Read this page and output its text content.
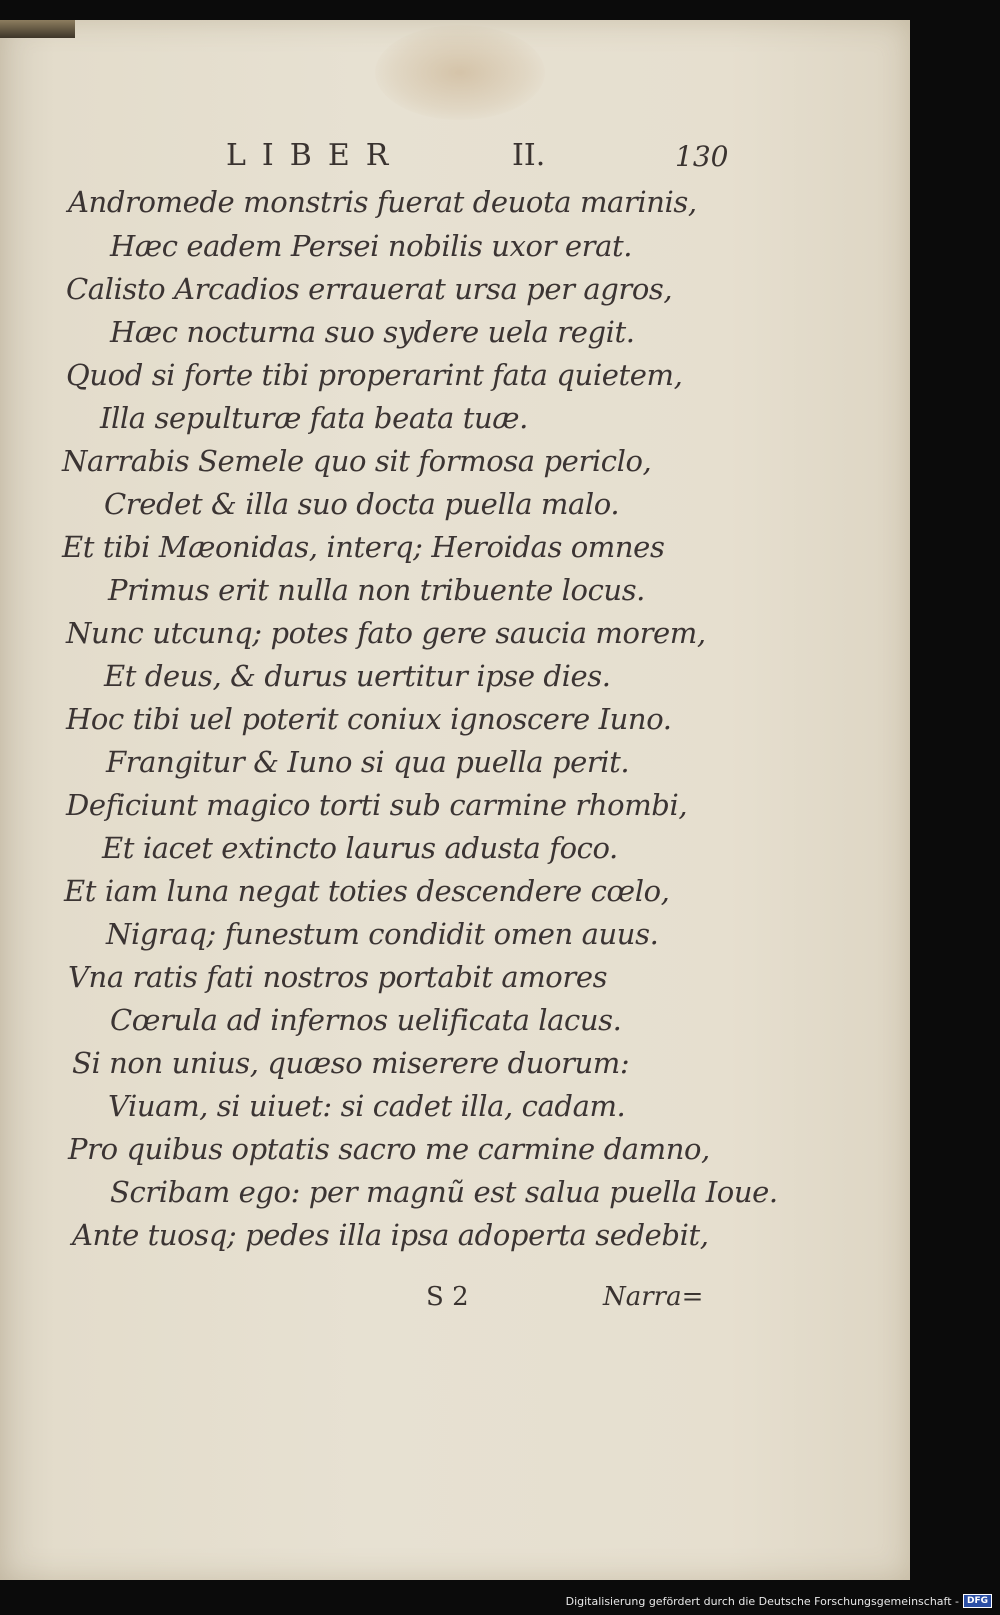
LIBER	II.	130
Andromede monstris fuerat deuota marinis,
Hæc eadem Persei nobilis uxor erat.
Calisto Arcadios errauerat ursa per agros,
Hæc nocturna suo sydere uela regit.
Quod si forte tibi properarint fata quietem,
Illa sepulturæ fata beata tuæ.
Narrabis Semele quo sit formosa periclo,
Credet & illa suo docta puella malo.
Et tibi Mæonidas, interq; Heroidas omnes
Primus erit nulla non tribuente locus.
Nunc utcunq; potes fato gere saucia morem,
Et deus, & durus uertitur ipse dies.
Hoc tibi uel poterit coniux ignoscere Iuno.
Frangitur & Iuno si qua puella perit.
Deficiunt magico torti sub carmine rhombi,
Et iacet extincto laurus adusta foco.
Et iam luna negat toties descendere cœlo,
Nigraq; funestum condidit omen auus.
Vna ratis fati nostros portabit amores
Cœrula ad infernos uelificata lacus.
Si non unius, quæso miserere duorum:
Viuam, si uiuet: si cadet illa, cadam.
Pro quibus optatis sacro me carmine damno,
Scribam ego: per magnũ est salua puella Ioue.
Ante tuosq; pedes illa ipsa adoperta sedebit,
S 2	Narra=
Digitalisierung gefördert durch die Deutsche Forschungsgemeinschaft - DFG
